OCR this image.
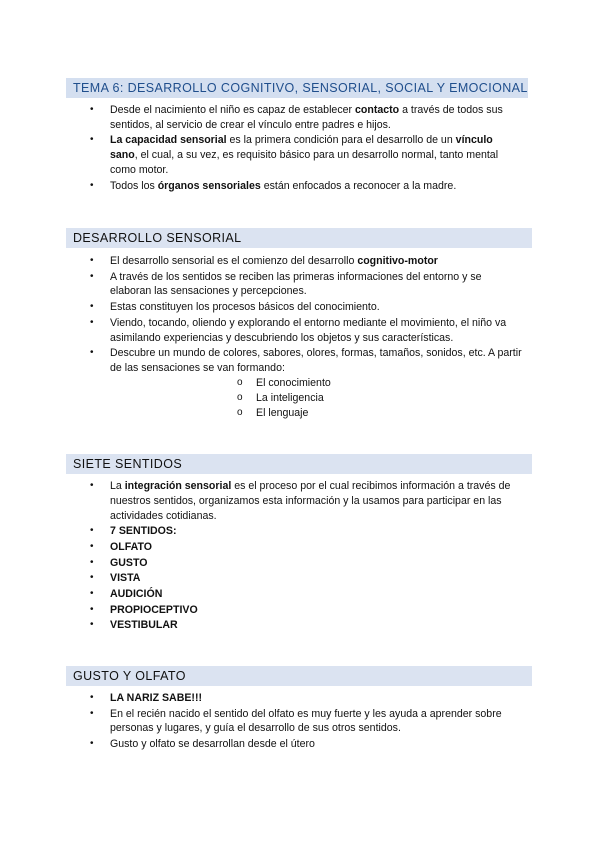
TEMA 6: DESARROLLO COGNITIVO, SENSORIAL, SOCIAL Y EMOCIONAL
• Desde el nacimiento el niño es capaz de establecer contacto a través de todos sus sentidos, al servicio de crear el vínculo entre padres e hijos.
• La capacidad sensorial es la primera condición para el desarrollo de un vínculo sano, el cual, a su vez, es requisito básico para un desarrollo normal, tanto mental como motor.
• Todos los órganos sensoriales están enfocados a reconocer a la madre.
DESARROLLO SENSORIAL
• El desarrollo sensorial es el comienzo del desarrollo cognitivo-motor
• A través de los sentidos se reciben las primeras informaciones del entorno y se elaboran las sensaciones y percepciones.
• Estas constituyen los procesos básicos del conocimiento.
• Viendo, tocando, oliendo y explorando el entorno mediante el movimiento, el niño va asimilando experiencias y descubriendo los objetos y sus características.
• Descubre un mundo de colores, sabores, olores, formas, tamaños, sonidos, etc. A partir de las sensaciones se van formando:
o El conocimiento
o La inteligencia
o El lenguaje
SIETE SENTIDOS
• La integración sensorial es el proceso por el cual recibimos información a través de nuestros sentidos, organizamos esta información y la usamos para participar en las actividades cotidianas.
• 7 SENTIDOS:
• OLFATO
• GUSTO
• VISTA
• AUDICIÓN
• PROPIOCEPTIVO
• VESTIBULAR
GUSTO Y OLFATO
• LA NARIZ SABE!!!
• En el recién nacido el sentido del olfato es muy fuerte y les ayuda a aprender sobre personas y lugares, y guía el desarrollo de sus otros sentidos.
• Gusto y olfato se desarrollan desde el útero
